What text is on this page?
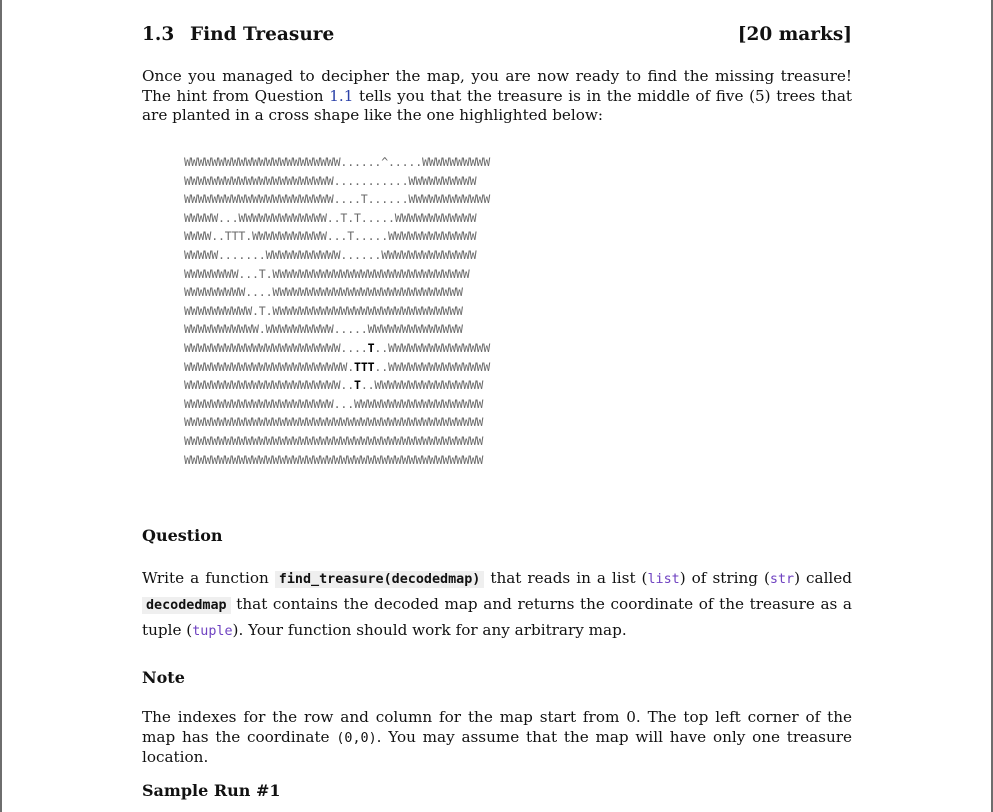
1.3 Find Treasure	[20 marks]
Once you managed to decipher the map, you are now ready to find the missing treasure! The hint from Question 1.1 tells you that the treasure is in the middle of five (5) trees that are planted in a cross shape like the one highlighted below:
WWWWWWWWWWWWWWWWWWWWWWW......^.....WWWWWWWWWW
WWWWWWWWWWWWWWWWWWWWWW...........WWWWWWWWWW
WWWWWWWWWWWWWWWWWWWWWW....T......WWWWWWWWWWWW
WWWWW...WWWWWWWWWWWWW..T.T.....WWWWWWWWWWWW
WWWW..TTT.WWWWWWWWWWW...T.....WWWWWWWWWWWWW
WWWWW.......WWWWWWWWWWW......WWWWWWWWWWWWWW
WWWWWWWW...T.WWWWWWWWWWWWWWWWWWWWWWWWWWWWW
WWWWWWWWW....WWWWWWWWWWWWWWWWWWWWWWWWWWWW
WWWWWWWWWW.T.WWWWWWWWWWWWWWWWWWWWWWWWWWWW
WWWWWWWWWWW.WWWWWWWWWW.....WWWWWWWWWWWWWW
WWWWWWWWWWWWWWWWWWWWWWW....T..WWWWWWWWWWWWWWW
WWWWWWWWWWWWWWWWWWWWWWWW.TTT..WWWWWWWWWWWWWWW
WWWWWWWWWWWWWWWWWWWWWWW..T..WWWWWWWWWWWWWWWW
WWWWWWWWWWWWWWWWWWWWWW...WWWWWWWWWWWWWWWWWWW
WWWWWWWWWWWWWWWWWWWWWWWWWWWWWWWWWWWWWWWWWWWW
WWWWWWWWWWWWWWWWWWWWWWWWWWWWWWWWWWWWWWWWWWWW
WWWWWWWWWWWWWWWWWWWWWWWWWWWWWWWWWWWWWWWWWWWW
Question
Write a function find_treasure(decodedmap) that reads in a list (list) of string (str) called decodedmap that contains the decoded map and returns the coordinate of the treasure as a tuple (tuple). Your function should work for any arbitrary map.
Note
The indexes for the row and column for the map start from 0. The top left corner of the map has the coordinate (0,0). You may assume that the map will have only one treasure location.
Sample Run #1
